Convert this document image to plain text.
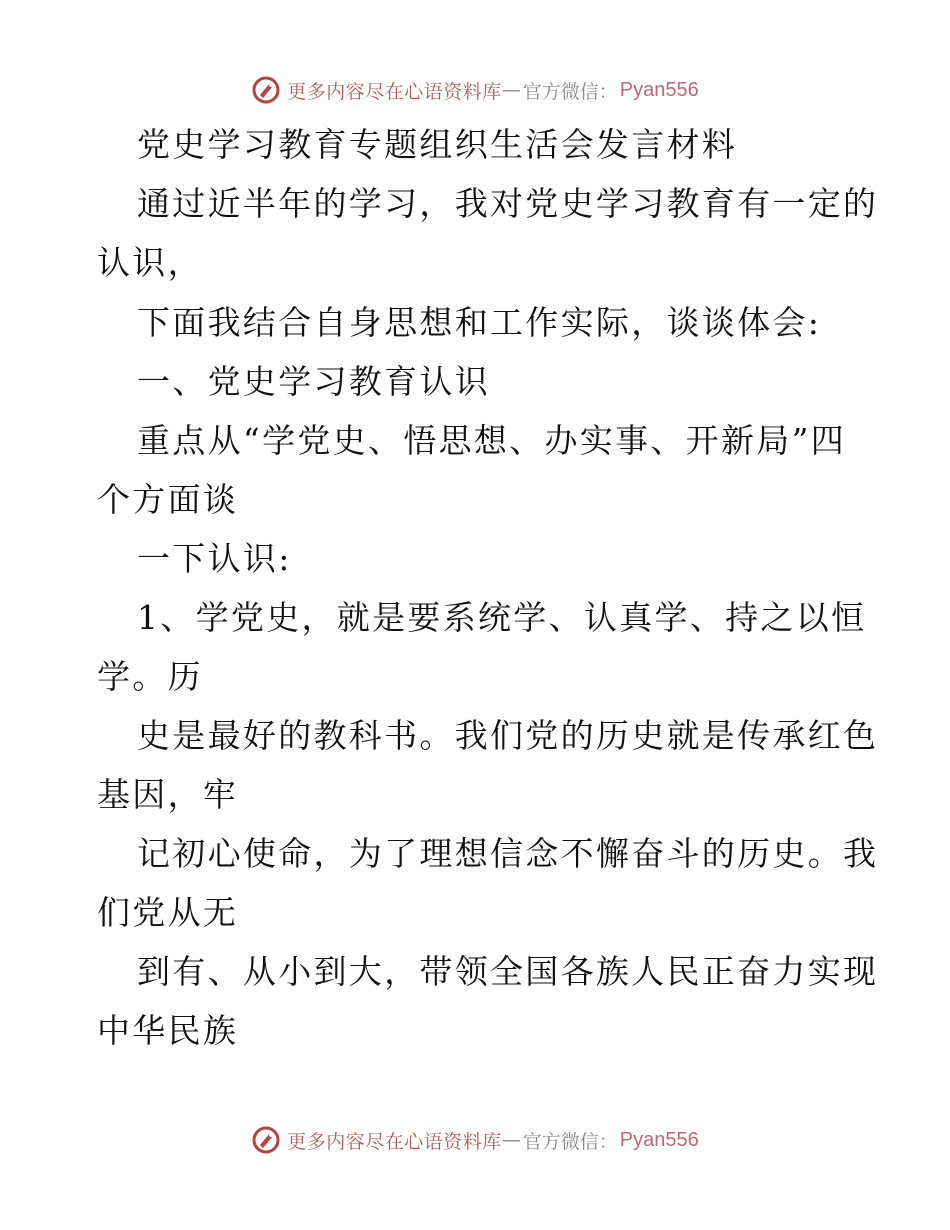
更多内容尽在心语资料库 — 官方微信： Pyan556
党史学习教育专题组织生活会发言材料
通过近半年的学习，我对党史学习教育有一定的
认识，
下面我结合自身思想和工作实际，谈谈体会:
一、党史学习教育认识
重点从“学党史、悟思想、办实事、开新局”四
个方面谈
一下认识:
1、学党史，就是要系统学、认真学、持之以恒
学。历
史是最好的教科书。我们党的历史就是传承红色
基因，牢
记初心使命，为了理想信念不懈奋斗的历史。我
们党从无
到有、从小到大，带领全国各族人民正奋力实现
中华民族
更多内容尽在心语资料库 — 官方微信： Pyan556
